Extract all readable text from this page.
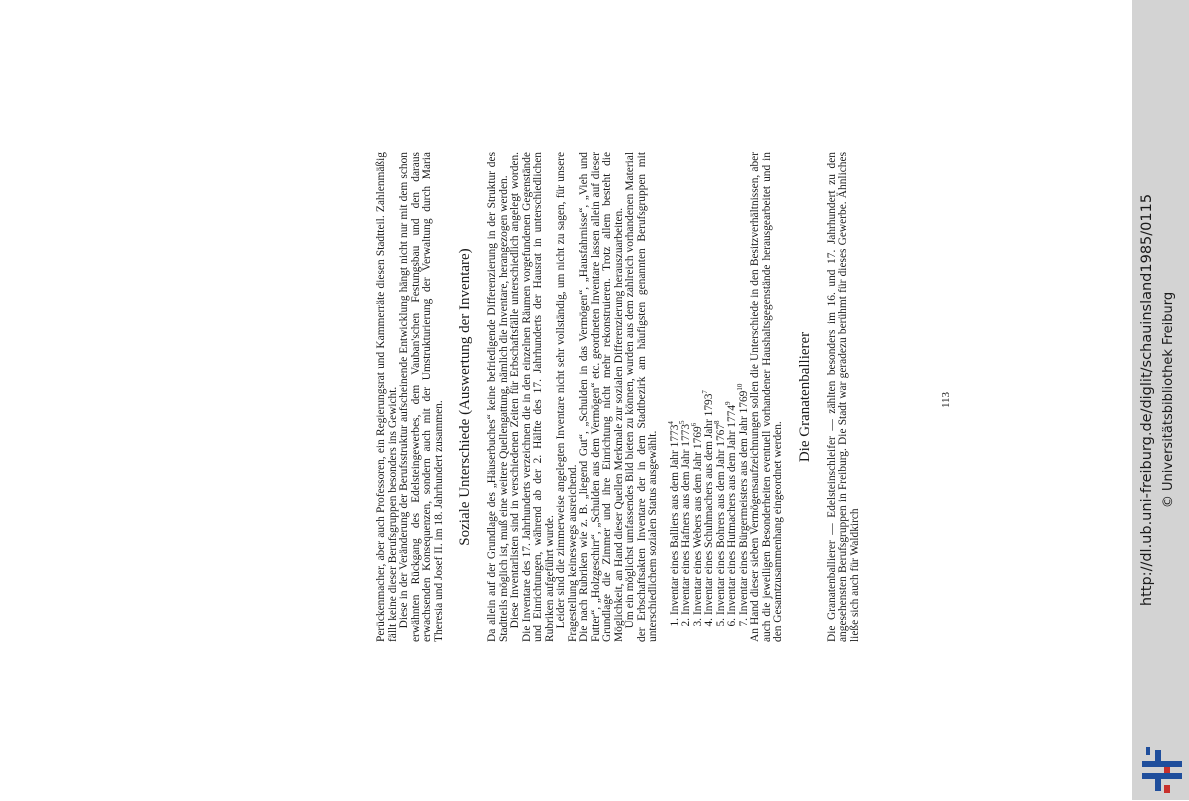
Perückenmacher, aber auch Professoren, ein Regierungsrat und Kammerräte diesen Stadtteil. Zahlenmäßig fällt keine dieser Berufsgruppen besonders ins Gewicht. Diese in der Veränderung der Berufsstruktur aufscheinende Entwicklung hängt nicht nur mit dem schon erwähnten Rückgang des Edelsteingewerbes, dem Vauban'schen Festungsbau und den daraus erwachsenden Konsequenzen, sondern auch mit der Umstrukturierung der Verwaltung durch Maria Theresia und Josef II. im 18. Jahrhundert zusammen. Soziale Unterschiede (Auswertung der Inventare) Da allein auf der Grundlage des „Häuserbuches“ keine befriedigende Differenzierung in der Struktur des Stadtteils möglich ist, muß eine weitere Quellengattung, nämlich die Inventare, herangezogen werden. Diese Inventarlisten sind in verschiedenen Zeiten für Erbschaftsfälle unterschiedlich angelegt worden. Die Inventare des 17. Jahrhunderts verzeichnen die in den einzelnen Räumen vorgefundenen Gegenstände und Einrichtungen, während ab der 2. Hälfte des 17. Jahrhunderts der Hausrat in unterschiedlichen Rubriken aufgeführt wurde. Leider sind die zimmerweise angelegten Inventare nicht sehr vollständig, um nicht zu sagen, für unsere Fragestellung keineswegs ausreichend. Die nach Rubriken wie z. B. „liegend Gut“, „Schulden in das Vermögen“, „Hausfahrnisse“, „Vieh und Futter“, „Holzgeschirr“, „Schulden aus dem Vermögen“ etc. geordneten Inventare lassen allein auf dieser Grundlage die Zimmer und ihre Einrichtung nicht mehr rekonstruieren. Trotz allem besteht die Möglichkeit, an Hand dieser Quellen Merkmale zur sozialen Differenzierung herauszuarbeiten. Um ein möglichst umfassendes Bild bieten zu können, wurden aus dem zahlreich vorhandenen Material der Erbschaftsakten Inventare der in dem Stadtbezirk am häufigsten genannten Berufsgruppen mit unterschiedlichem sozialen Status ausgewählt. 1.Inventar eines Balliers aus dem Jahr 1773$^4$
2.Inventar eines Hafners aus dem Jahr 1773$^5$
3.Inventar eines Webers aus dem Jahr 1769$^6$
4.Inventar eines Schuhmachers aus dem Jahr 1793$^7$
5.Inventar eines Bohrers aus dem Jahr 1767$^8$
6.Inventar eines Hutmachers aus dem Jahr 1774$^9$
7.Inventar eines Bürgermeisters aus dem Jahr 1769$^{10}$ An Hand dieser sieben Vermögensaufzeichnungen sollen die Unterschiede in den Besitzverhältnissen, aber auch die jeweiligen Besonderheiten eventuell vorhandener Haushaltsgegenstände herausgearbeitet und in den Gesamtzusammenhang eingeordnet werden.

Die Granatenballierer Die Granatenballierer — Edelsteinschleifer — zählten besonders im 16. und 17. Jahrhundert zu den angesehensten Berufsgruppen in Freiburg. Die Stadt war geradezu berühmt für dieses Gewerbe. Ähnliches ließe sich auch für Waldkirch

113	http://dl.ub.uni-freiburg.de/diglit/schauinsland1985/0115 © Universitätsbibliothek Freiburg
